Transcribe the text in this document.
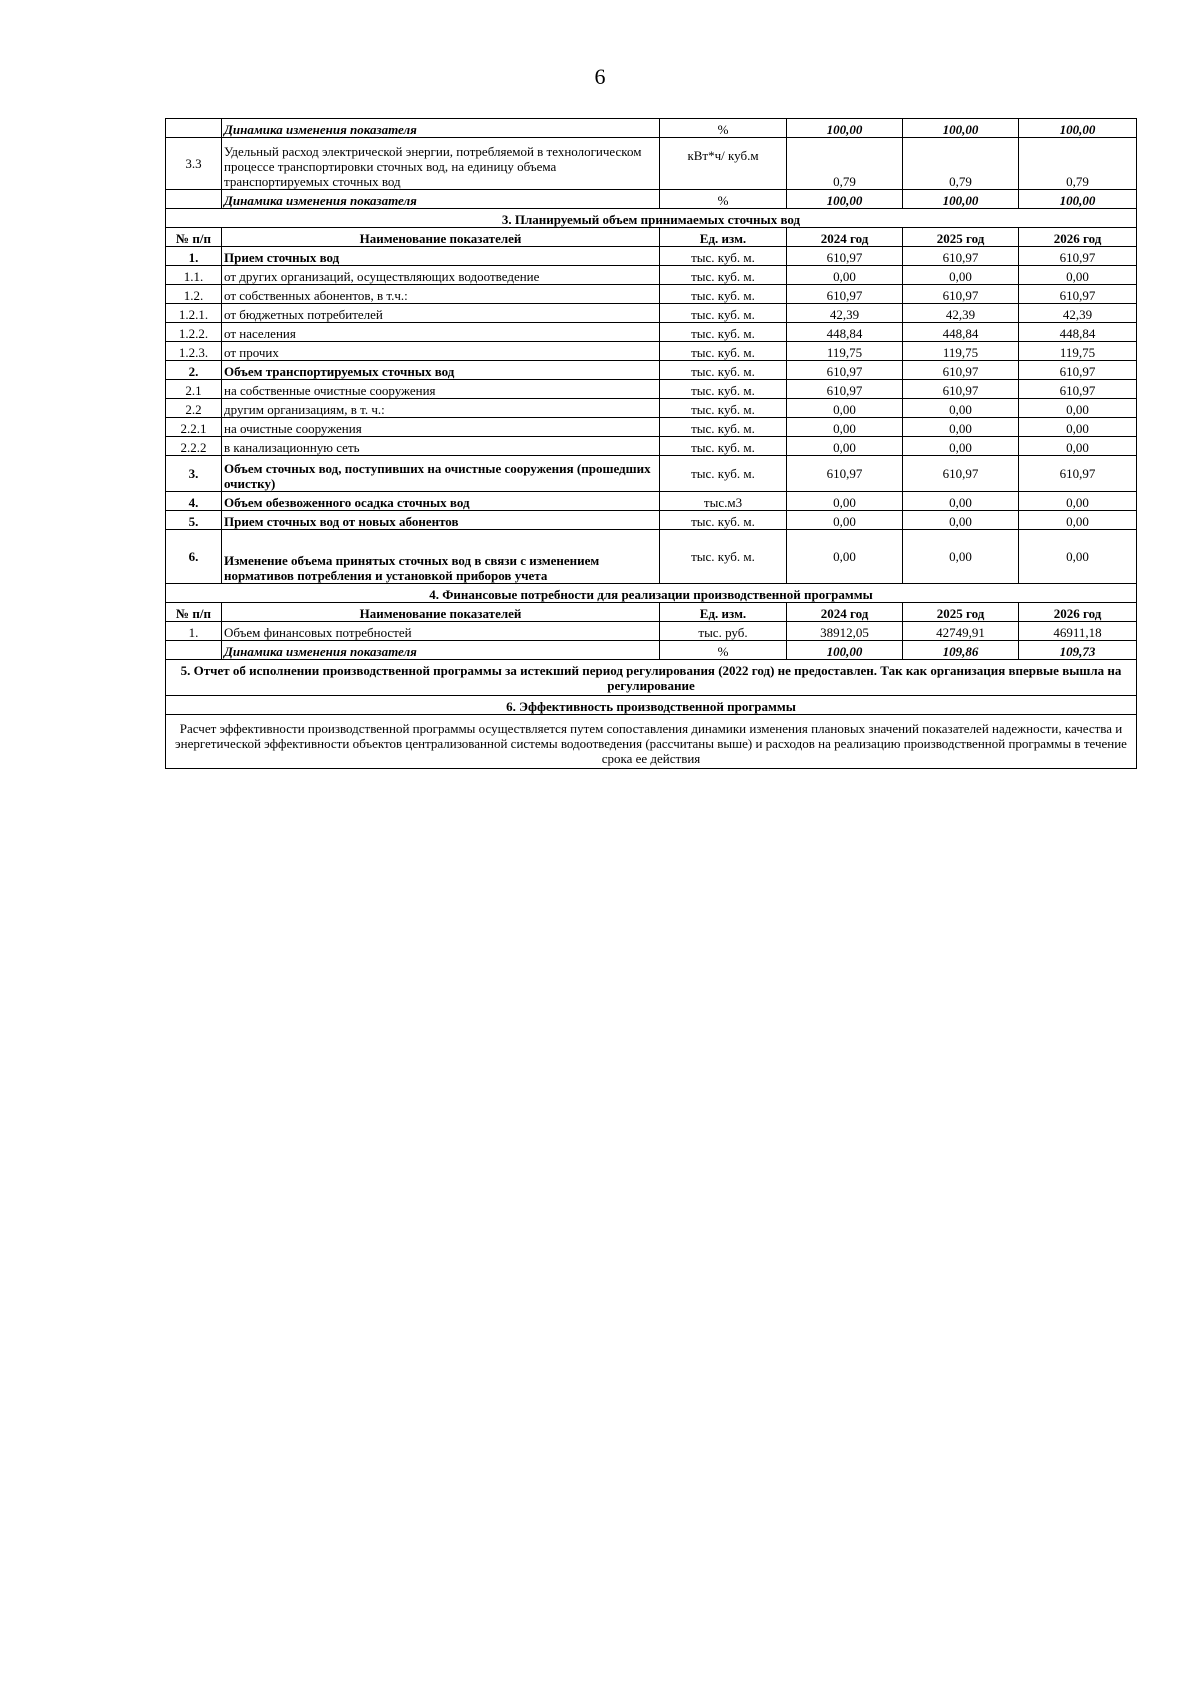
6
	Динамика изменения показателя	%	100,00	100,00	100,00
3.3	Удельный расход электрической энергии, потребляемой в технологическом процессе транспортировки сточных вод, на единицу объема транспортируемых сточных вод	кВт*ч/ куб.м	0,79	0,79	0,79
	Динамика изменения показателя	%	100,00	100,00	100,00
3. Планируемый объем принимаемых сточных вод					
№ п/п	Наименование показателей	Ед. изм.	2024 год	2025 год	2026 год
1.	Прием сточных вод	тыс. куб. м.	610,97	610,97	610,97
1.1.	от других организаций, осуществляющих водоотведение	тыс. куб. м.	0,00	0,00	0,00
1.2.	от собственных абонентов, в т.ч.:	тыс. куб. м.	610,97	610,97	610,97
1.2.1.	от бюджетных потребителей	тыс. куб. м.	42,39	42,39	42,39
1.2.2.	от населения	тыс. куб. м.	448,84	448,84	448,84
1.2.3.	от прочих	тыс. куб. м.	119,75	119,75	119,75
2.	Объем транспортируемых сточных вод	тыс. куб. м.	610,97	610,97	610,97
2.1	на собственные очистные сооружения	тыс. куб. м.	610,97	610,97	610,97
2.2	другим организациям, в т. ч.:	тыс. куб. м.	0,00	0,00	0,00
2.2.1	на очистные сооружения	тыс. куб. м.	0,00	0,00	0,00
2.2.2	в канализационную сеть	тыс. куб. м.	0,00	0,00	0,00
3.	Объем сточных вод, поступивших на очистные сооружения (прошедших очистку)	тыс. куб. м.	610,97	610,97	610,97
4.	Объем обезвоженного осадка сточных вод	тыс.м3	0,00	0,00	0,00
5.	Прием сточных вод от новых абонентов	тыс. куб. м.	0,00	0,00	0,00
6.	Изменение объема принятых сточных вод в связи с изменением нормативов потребления и установкой приборов учета	тыс. куб. м.	0,00	0,00	0,00
4. Финансовые потребности для реализации производственной программы					
№ п/п	Наименование показателей	Ед. изм.	2024 год	2025 год	2026 год
1.	Объем финансовых потребностей	тыс. руб.	38912,05	42749,91	46911,18
	Динамика изменения показателя	%	100,00	109,86	109,73
5. Отчет об исполнении производственной программы за истекший период регулирования (2022 год) не предоставлен. Так как организация впервые вышла на регулирование					
6. Эффективность производственной программы					
Расчет эффективности производственной программы осуществляется путем сопоставления динамики изменения плановых значений показателей надежности, качества и энергетической эффективности объектов централизованной системы водоотведения (рассчитаны выше) и расходов на реализацию производственной программы в течение срока ее действия					
